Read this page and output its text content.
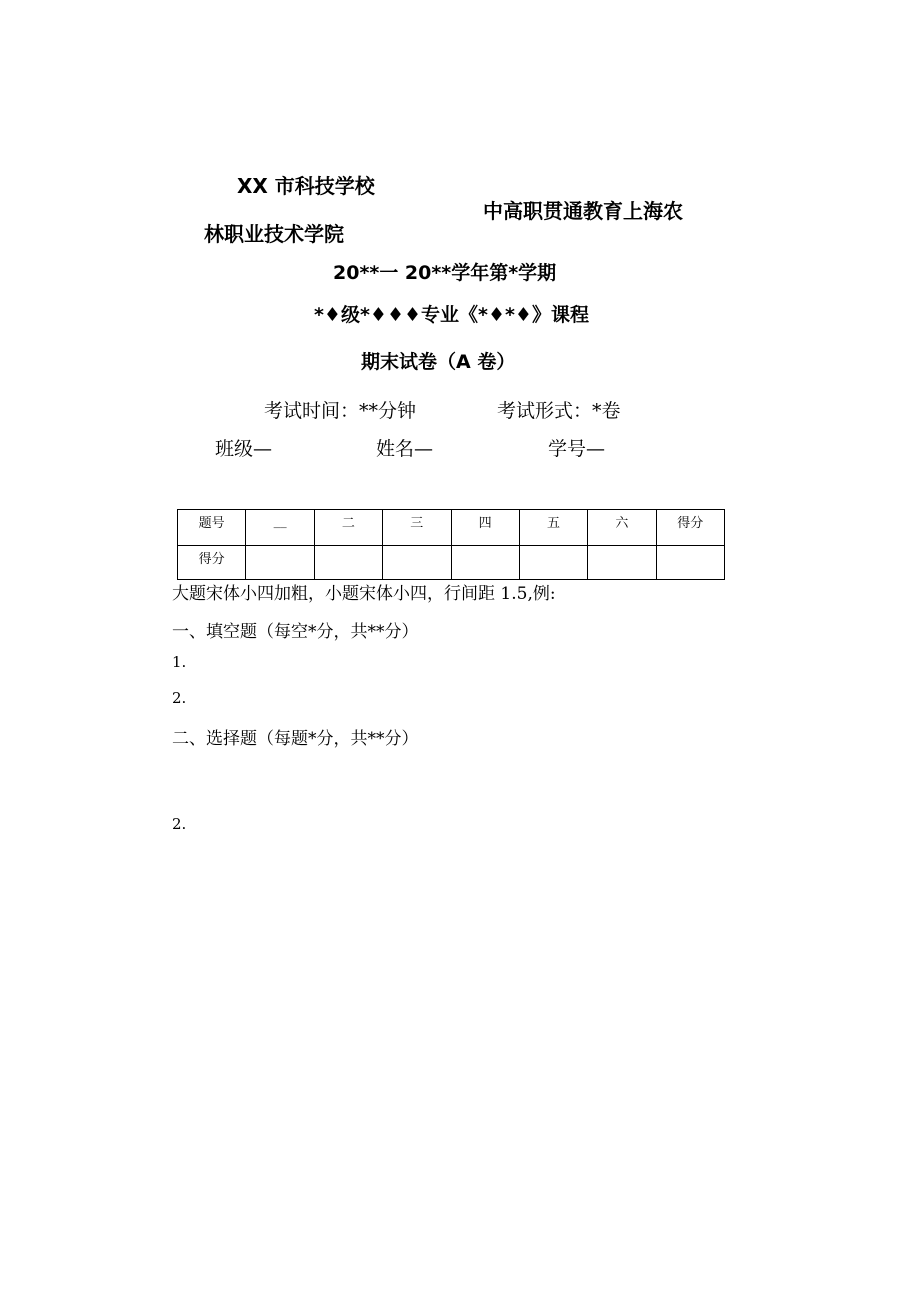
XX 市科技学校
中高职贯通教育上海农
林职业技术学院
20**一 20**学年第*学期
*♦级*♦♦♦专业《*♦*♦》课程
期末试卷（A 卷）
考试时间：**分钟	考试形式：*卷
班级—	姓名—	学号—
题号	__	二	三	四	五	六	得分
得分							
大题宋体小四加粗，小题宋体小四，行间距 1.5,例:
一、填空题（每空*分，共**分）
1.
2.
二、选择题（每题*分，共**分）
2.
